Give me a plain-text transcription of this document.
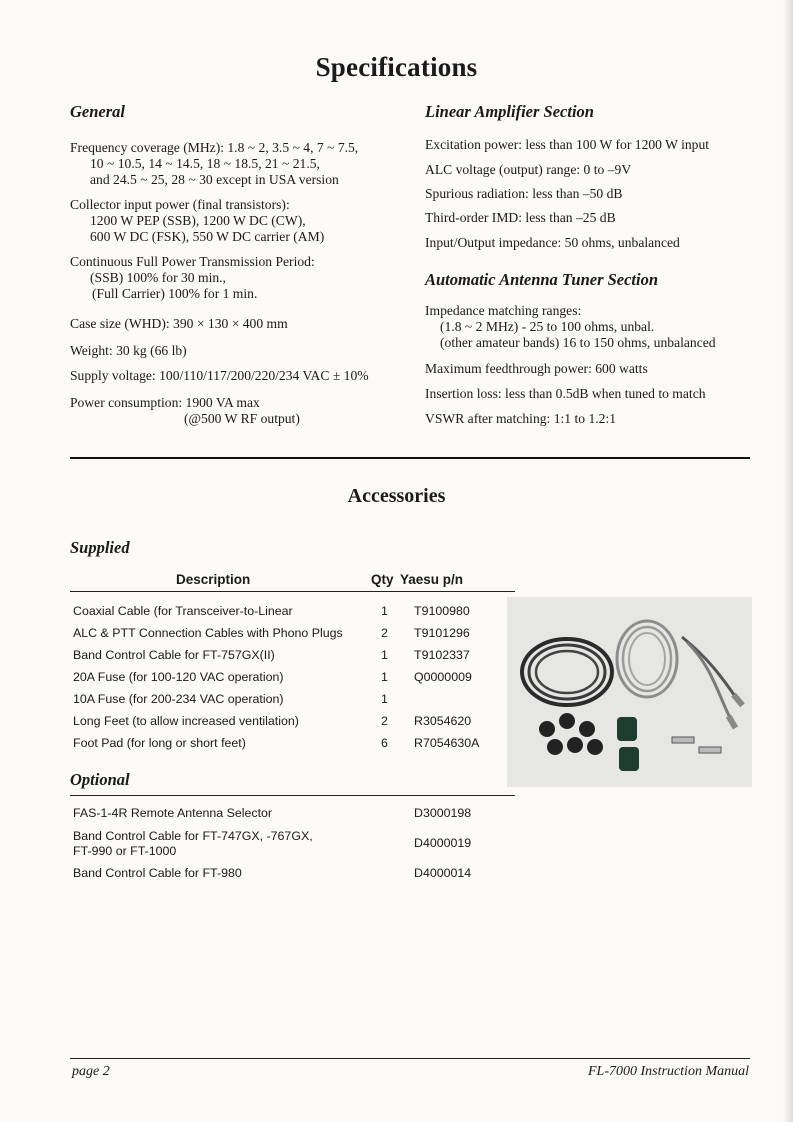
Specifications
General
Frequency coverage (MHz): 1.8 ~ 2, 3.5 ~ 4, 7 ~ 7.5,
10 ~ 10.5, 14 ~ 14.5, 18 ~ 18.5, 21 ~ 21.5,
and 24.5 ~ 25, 28 ~ 30 except in USA version
Collector input power (final transistors):
1200 W PEP (SSB), 1200 W DC (CW),
600 W DC (FSK), 550 W DC carrier (AM)
Continuous Full Power Transmission Period:
(SSB) 100% for 30 min.,
(Full Carrier) 100% for 1 min.
Case size (WHD): 390 × 130 × 400 mm
Weight: 30 kg (66 lb)
Supply voltage: 100/110/117/200/220/234 VAC ± 10%
Power consumption: 1900 VA max
(@500 W RF output)
Linear Amplifier Section
Excitation power: less than 100 W for 1200 W input
ALC voltage (output) range: 0 to –9V
Spurious radiation: less than –50 dB
Third-order IMD: less than –25 dB
Input/Output impedance: 50 ohms, unbalanced
Automatic Antenna Tuner Section
Impedance matching ranges:
(1.8 ~ 2 MHz) - 25 to 100 ohms, unbal.
(other amateur bands) 16 to 150 ohms, unbalanced
Maximum feedthrough power: 600 watts
Insertion loss: less than 0.5dB when tuned to match
VSWR after matching: 1:1 to 1.2:1
Accessories
Supplied
Description	Qty Yaesu p/n
Coaxial Cable (for Transceiver-to-Linear	1 T9100980
ALC & PTT Connection Cables with Phono Plugs	2 T9101296
Band Control Cable for FT-757GX(II)	1 T9102337
20A Fuse (for 100-120 VAC operation)	1 Q0000009
10A Fuse (for 200-234 VAC operation)	1
Long Feet (to allow increased ventilation)	2 R3054620
Foot Pad (for long or short feet)	6 R7054630A
Optional
FAS-1-4R Remote Antenna Selector	D3000198
Band Control Cable for FT-747GX, -767GX,
FT-990 or FT-1000
D4000019
Band Control Cable for FT-980	D4000014
page 2	FL-7000 Instruction Manual
